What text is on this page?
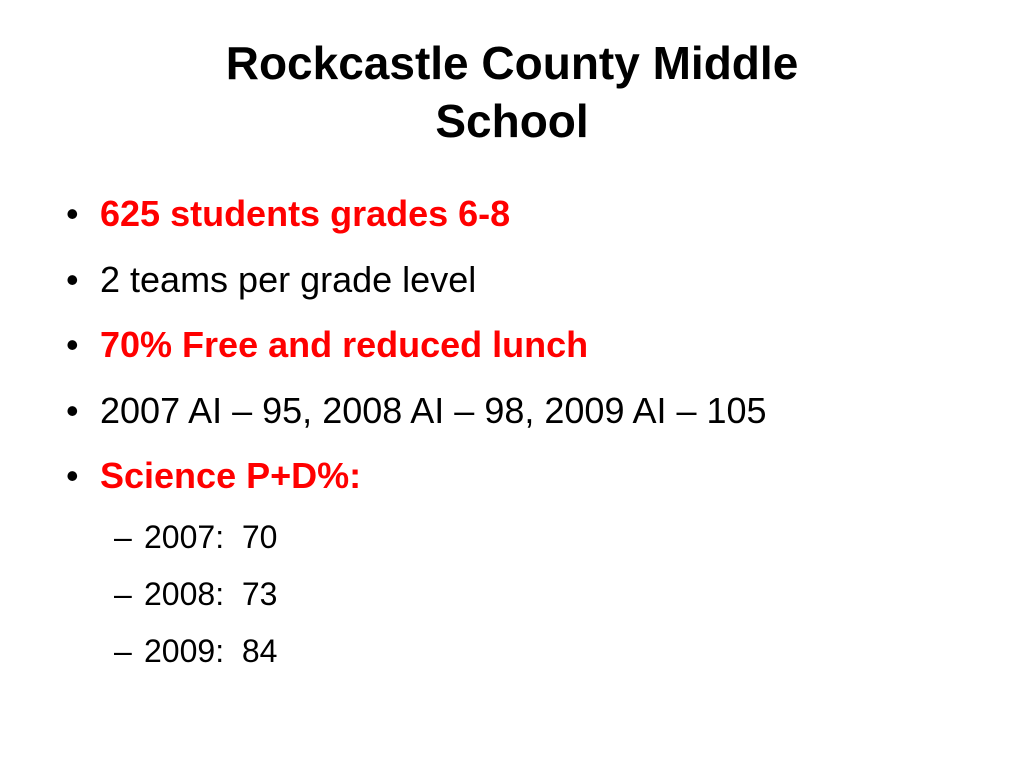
Rockcastle County Middle
School
• 625 students grades 6-8
• 2 teams per grade level
• 70% Free and reduced lunch
• 2007 AI – 95, 2008 AI – 98, 2009 AI – 105
• Science P+D%:
– 2007:  70
– 2008:  73
– 2009:  84
